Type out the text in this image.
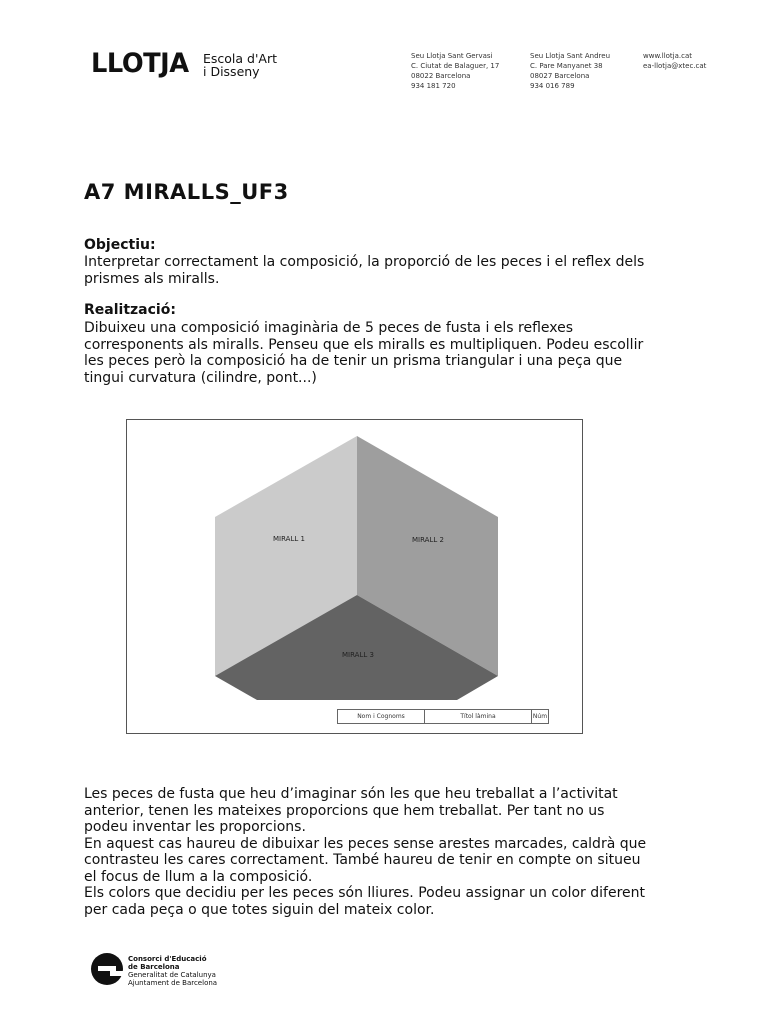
LLOTJA Escola d'Art
i Disseny
Seu Llotja Sant Gervasi
C. Ciutat de Balaguer, 17
08022 Barcelona
934 181 720
Seu Llotja Sant Andreu
C. Pare Manyanet 38
08027 Barcelona
934 016 789
www.llotja.cat
ea-llotja@xtec.cat
A7 MIRALLS_UF3
Objectiu:
Interpretar correctament la composició, la proporció de les peces i el reflex dels
prismes als miralls.
Realització:
Dibuixeu una composició imaginària de 5 peces de fusta i els reflexes
corresponents als miralls. Penseu que els miralls es multipliquen. Podeu escollir
les peces però la composició ha de tenir un prisma triangular i una peça que
tingui curvatura (cilindre, pont...)
MIRALL 1	MIRALL 2
MIRALL 3
Nom i Cognoms	Títol làmina	Núm
Les peces de fusta que heu d’imaginar són les que heu treballat a l’activitat
anterior, tenen les mateixes proporcions que hem treballat. Per tant no us
podeu inventar les proporcions.
En aquest cas haureu de dibuixar les peces sense arestes marcades, caldrà que
contrasteu les cares correctament. També haureu de tenir en compte on situeu
el focus de llum a la composició.
Els colors que decidiu per les peces són lliures. Podeu assignar un color diferent
per cada peça o que totes siguin del mateix color.
Consorci d'Educació
de Barcelona
Generalitat de Catalunya
Ajuntament de Barcelona
